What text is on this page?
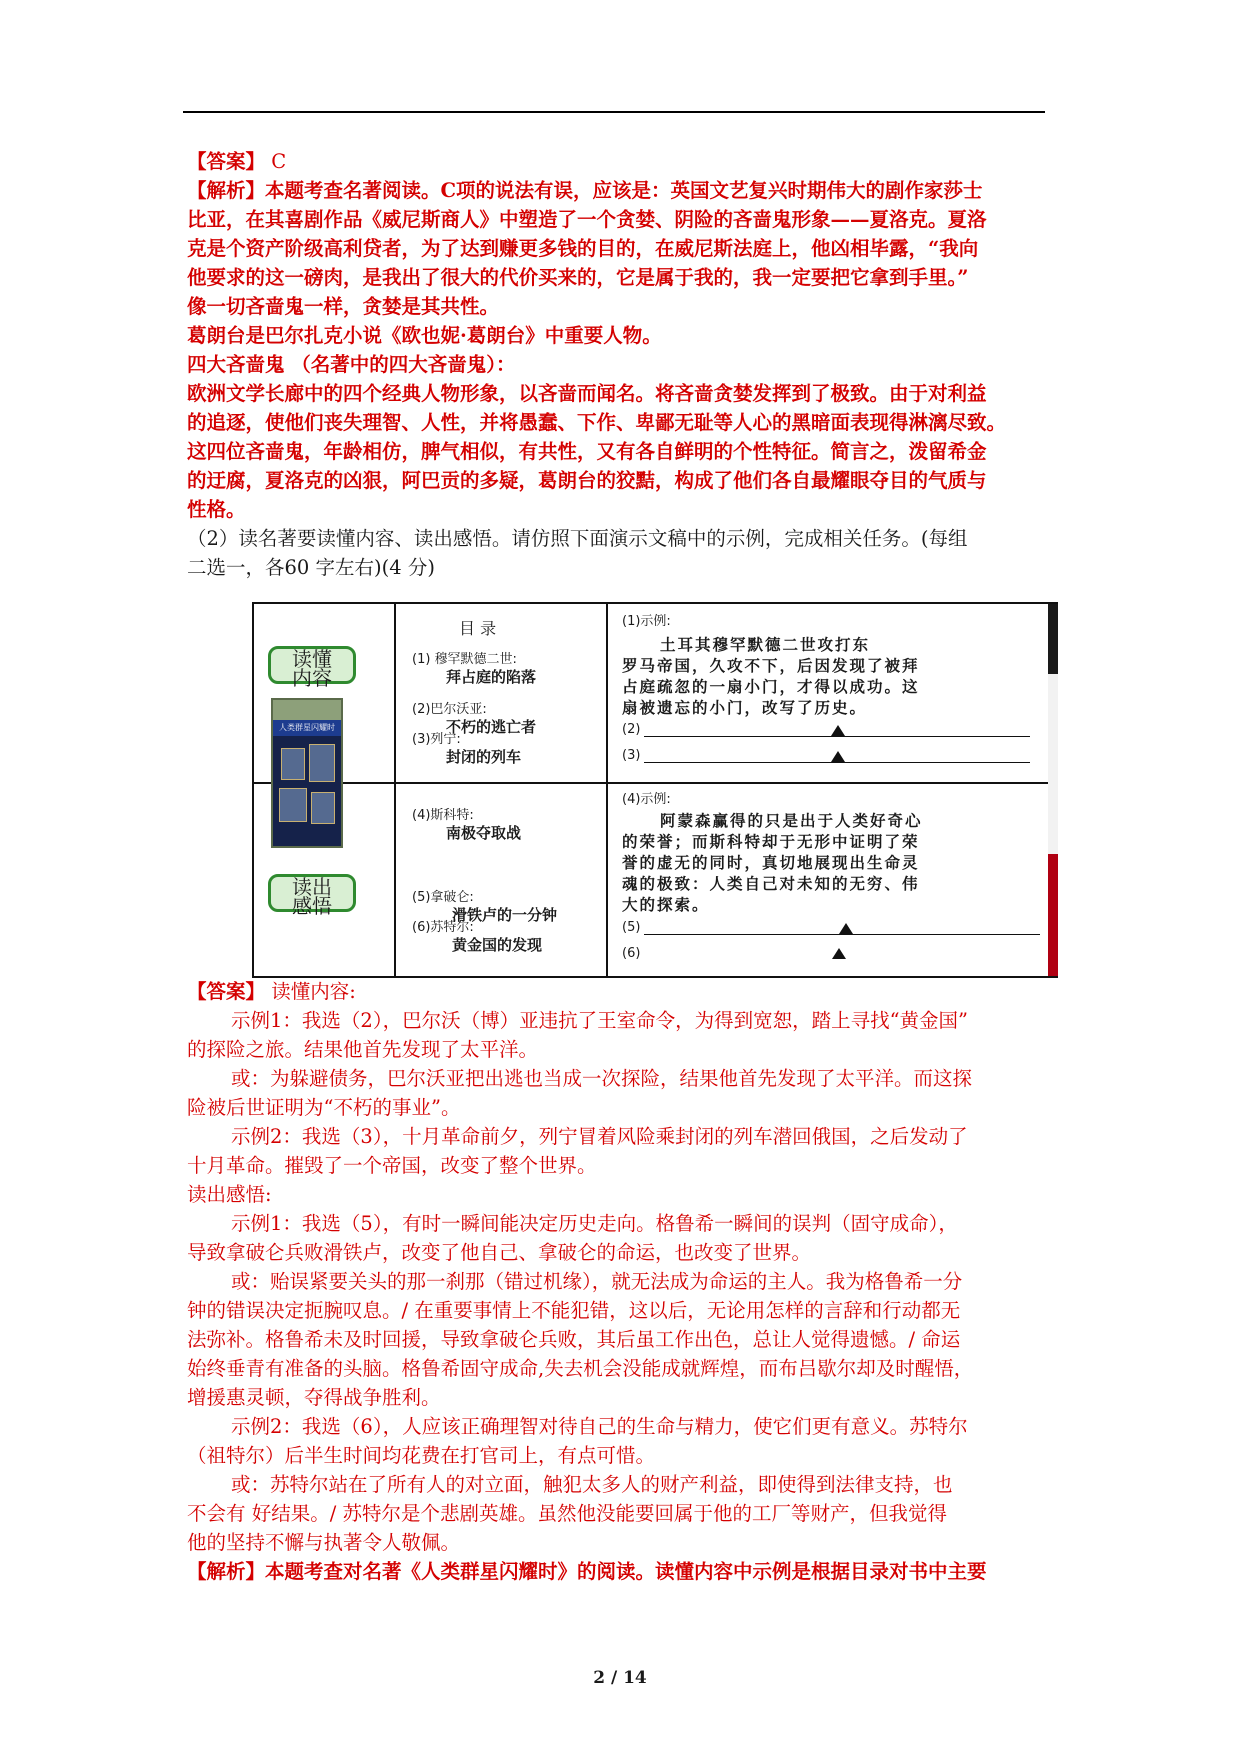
【答案】 C
【解析】本题考查名著阅读。C项的说法有误，应该是：英国文艺复兴时期伟大的剧作家莎士
比亚，在其喜剧作品《威尼斯商人》中塑造了一个贪婪、阴险的吝啬鬼形象——夏洛克。夏洛
克是个资产阶级高利贷者，为了达到赚更多钱的目的，在威尼斯法庭上，他凶相毕露，“我向
他要求的这一磅肉，是我出了很大的代价买来的，它是属于我的，我一定要把它拿到手里。”
像一切吝啬鬼一样，贪婪是其共性。
葛朗台是巴尔扎克小说《欧也妮·葛朗台》中重要人物。
四大吝啬鬼 （名著中的四大吝啬鬼）：
欧洲文学长廊中的四个经典人物形象，以吝啬而闻名。将吝啬贪婪发挥到了极致。由于对利益
的追逐，使他们丧失理智、人性，并将愚蠢、下作、卑鄙无耻等人心的黑暗面表现得淋漓尽致。
这四位吝啬鬼，年龄相仿，脾气相似，有共性，又有各自鲜明的个性特征。简言之，泼留希金
的迂腐，夏洛克的凶狠，阿巴贡的多疑，葛朗台的狡黠，构成了他们各自最耀眼夺目的气质与
性格。
（2）读名著要读懂内容、读出感悟。请仿照下面演示文稿中的示例，完成相关任务。(每组
二选一，各60 字左右)(4 分)
读懂
内容
读出
感悟
人类群星闪耀时
目 录
(1) 穆罕默德二世:
拜占庭的陷落
(2)巴尔沃亚:
不朽的逃亡者
(3)列宁:
封闭的列车
(4)斯科特:
南极夺取战
(5)拿破仑:
滑铁卢的一分钟
(6)苏特尔:
黄金国的发现
(1)示例:
土耳其穆罕默德二世攻打东
罗马帝国，久攻不下，后因发现了被拜
占庭疏忽的一扇小门，才得以成功。这
扇被遗忘的小门，改写了历史。
(2)
(3)
(4)示例:
阿蒙森赢得的只是出于人类好奇心
的荣誉；而斯科特却于无形中证明了荣
誉的虚无的同时，真切地展现出生命灵
魂的极致：人类自己对未知的无穷、伟
大的探索。
(5)
(6)
【答案】 读懂内容:
示例1：我选（2），巴尔沃（博）亚违抗了王室命令，为得到宽恕，踏上寻找“黄金国”
的探险之旅。结果他首先发现了太平洋。
或：为躲避债务，巴尔沃亚把出逃也当成一次探险，结果他首先发现了太平洋。而这探
险被后世证明为“不朽的事业”。
示例2：我选（3），十月革命前夕，列宁冒着风险乘封闭的列车潜回俄国，之后发动了
十月革命。摧毁了一个帝国，改变了整个世界。
读出感悟:
示例1：我选（5），有时一瞬间能决定历史走向。格鲁希一瞬间的误判（固守成命），
导致拿破仑兵败滑铁卢，改变了他自己、拿破仑的命运，也改变了世界。
或：贻误紧要关头的那一刹那（错过机缘），就无法成为命运的主人。我为格鲁希一分
钟的错误决定扼腕叹息。/ 在重要事情上不能犯错，这以后，无论用怎样的言辞和行动都无
法弥补。格鲁希未及时回援，导致拿破仑兵败，其后虽工作出色，总让人觉得遗憾。/ 命运
始终垂青有准备的头脑。格鲁希固守成命,失去机会没能成就辉煌，而布吕歇尔却及时醒悟，
增援惠灵顿，夺得战争胜利。
示例2：我选（6），人应该正确理智对待自己的生命与精力，使它们更有意义。苏特尔
（祖特尔）后半生时间均花费在打官司上，有点可惜。
或：苏特尔站在了所有人的对立面，触犯太多人的财产利益，即使得到法律支持，也
不会有 好结果。/ 苏特尔是个悲剧英雄。虽然他没能要回属于他的工厂等财产，但我觉得
他的坚持不懈与执著令人敬佩。
【解析】本题考查对名著《人类群星闪耀时》的阅读。读懂内容中示例是根据目录对书中主要
2 / 14
